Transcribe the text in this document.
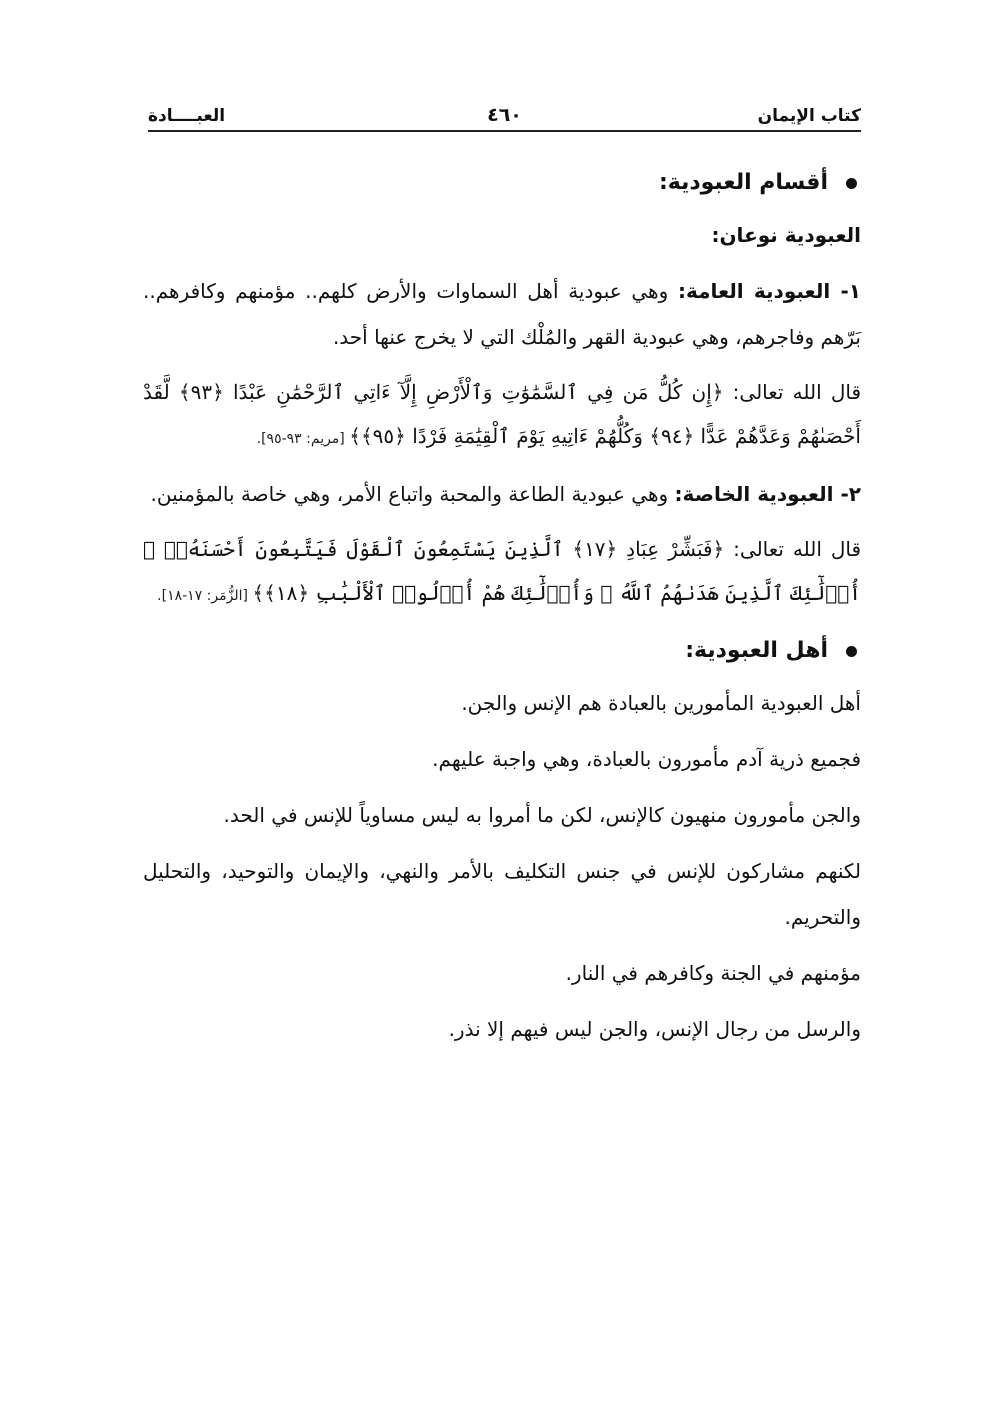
كتاب الإيمان
٤٦٠
العبــــادة
أقسام العبودية:
العبودية نوعان:
١- العبودية العامة: وهي عبودية أهل السماوات والأرض كلهم.. مؤمنهم وكافرهم.. بَرّهم وفاجرهم، وهي عبودية القهر والمُلْك التي لا يخرج عنها أحد.
قال الله تعالى: ﴿إِن كُلُّ مَن فِي ٱلسَّمَٰوَٰتِ وَٱلْأَرْضِ إِلَّآ ءَاتِي ٱلرَّحْمَٰنِ عَبْدًا ﴿٩٣﴾ لَّقَدْ أَحْصَىٰهُمْ وَعَدَّهُمْ عَدًّا ﴿٩٤﴾ وَكُلُّهُمْ ءَاتِيهِ يَوْمَ ٱلْقِيَٰمَةِ فَرْدًا ﴿٩٥﴾﴾ [مريم: ٩٣-٩٥].
٢- العبودية الخاصة: وهي عبودية الطاعة والمحبة واتباع الأمر، وهي خاصة بالمؤمنين.
قال الله تعالى: ﴿فَبَشِّرْ عِبَادِ ﴿١٧﴾ ٱلَّذِينَ يَسْتَمِعُونَ ٱلْقَوْلَ فَيَتَّبِعُونَ أَحْسَنَهُۥٓ ۚ أُو۟لَٰٓئِكَ ٱلَّذِينَ هَدَىٰهُمُ ٱللَّهُ ۖ وَأُو۟لَٰٓئِكَ هُمْ أُو۟لُوا۟ ٱلْأَلْبَٰبِ ﴿١٨﴾﴾ [الزُّمَر: ١٧-١٨].
أهل العبودية:

أهل العبودية المأمورين بالعبادة هم الإنس والجن.

فجميع ذرية آدم مأمورون بالعبادة، وهي واجبة عليهم.

والجن مأمورون منهيون كالإنس، لكن ما أمروا به ليس مساوياً للإنس في الحد.

لكنهم مشاركون للإنس في جنس التكليف بالأمر والنهي، والإيمان والتوحيد، والتحليل والتحريم.

مؤمنهم في الجنة وكافرهم في النار.

والرسل من رجال الإنس، والجن ليس فيهم إلا نذر.
